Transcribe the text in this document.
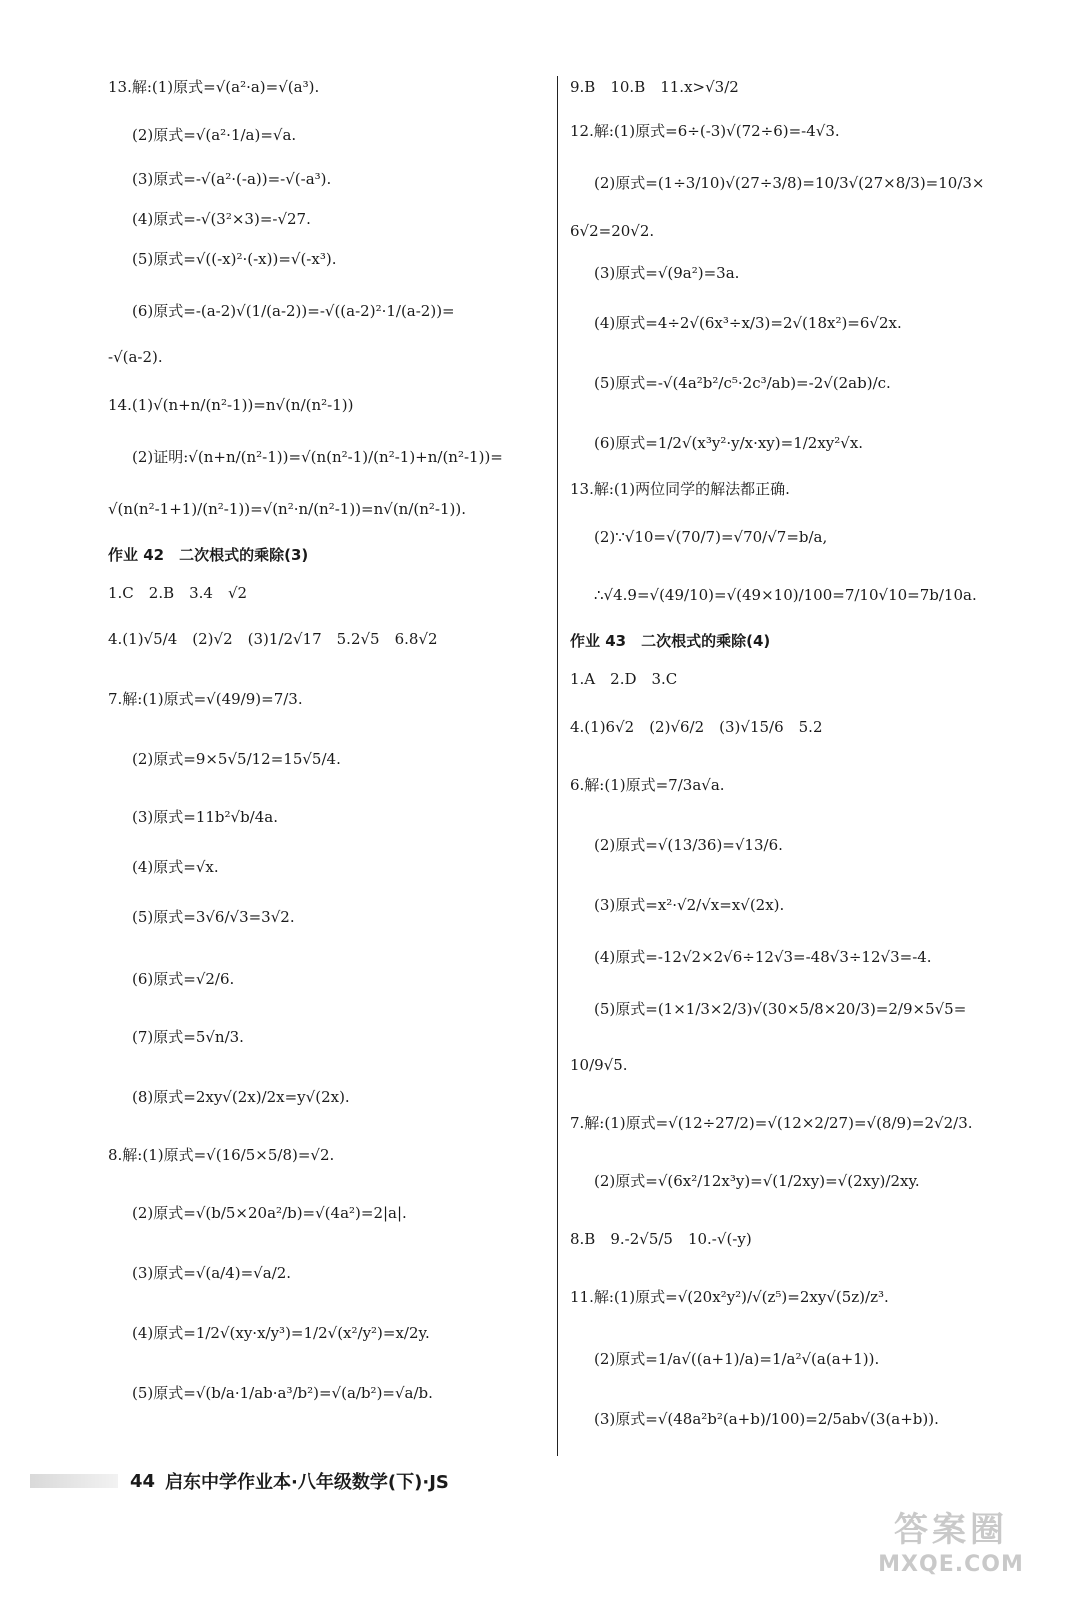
13.解:(1)原式=√(a²·a)=√(a³).

(2)原式=√(a²·1/a)=√a.

(3)原式=-√(a²·(-a))=-√(-a³).

(4)原式=-√(3²×3)=-√27.

(5)原式=√((-x)²·(-x))=√(-x³).

(6)原式=-(a-2)√(1/(a-2))=-√((a-2)²·1/(a-2))=

-√(a-2).

14.(1)√(n+n/(n²-1))=n√(n/(n²-1))

(2)证明:√(n+n/(n²-1))=√(n(n²-1)/(n²-1)+n/(n²-1))=

√(n(n²-1+1)/(n²-1))=√(n²·n/(n²-1))=n√(n/(n²-1)).

作业 42　二次根式的乘除(3)

1.C　2.B　3.4　√2

4.(1)√5/4　(2)√2　(3)1/2√17　5.2√5　6.8√2

7.解:(1)原式=√(49/9)=7/3.

(2)原式=9×5√5/12=15√5/4.

(3)原式=11b²√b/4a.

(4)原式=√x.

(5)原式=3√6/√3=3√2.

(6)原式=√2/6.

(7)原式=5√n/3.

(8)原式=2xy√(2x)/2x=y√(2x).

8.解:(1)原式=√(16/5×5/8)=√2.

(2)原式=√(b/5×20a²/b)=√(4a²)=2|a|.

(3)原式=√(a/4)=√a/2.

(4)原式=1/2√(xy·x/y³)=1/2√(x²/y²)=x/2y.

(5)原式=√(b/a·1/ab·a³/b²)=√(a/b²)=√a/b.

9.B　10.B　11.x>√3/2

12.解:(1)原式=6÷(-3)√(72÷6)=-4√3.

(2)原式=(1÷3/10)√(27÷3/8)=10/3√(27×8/3)=10/3×

6√2=20√2.

(3)原式=√(9a²)=3a.

(4)原式=4÷2√(6x³÷x/3)=2√(18x²)=6√2x.

(5)原式=-√(4a²b²/c⁵·2c³/ab)=-2√(2ab)/c.

(6)原式=1/2√(x³y²·y/x·xy)=1/2xy²√x.

13.解:(1)两位同学的解法都正确.

(2)∵√10=√(70/7)=√70/√7=b/a,

∴√4.9=√(49/10)=√(49×10)/100=7/10√10=7b/10a.

作业 43　二次根式的乘除(4)

1.A　2.D　3.C

4.(1)6√2　(2)√6/2　(3)√15/6　5.2

6.解:(1)原式=7/3a√a.

(2)原式=√(13/36)=√13/6.

(3)原式=x²·√2/√x=x√(2x).

(4)原式=-12√2×2√6÷12√3=-48√3÷12√3=-4.

(5)原式=(1×1/3×2/3)√(30×5/8×20/3)=2/9×5√5=

10/9√5.

7.解:(1)原式=√(12÷27/2)=√(12×2/27)=√(8/9)=2√2/3.

(2)原式=√(6x²/12x³y)=√(1/2xy)=√(2xy)/2xy.

8.B　9.-2√5/5　10.-√(-y)

11.解:(1)原式=√(20x²y²)/√(z⁵)=2xy√(5z)/z³.

(2)原式=1/a√((a+1)/a)=1/a²√(a(a+1)).

(3)原式=√(48a²b²(a+b)/100)=2/5ab√(3(a+b)).

44 启东中学作业本·八年级数学(下)·JS
答案圈
MXQE.COM
